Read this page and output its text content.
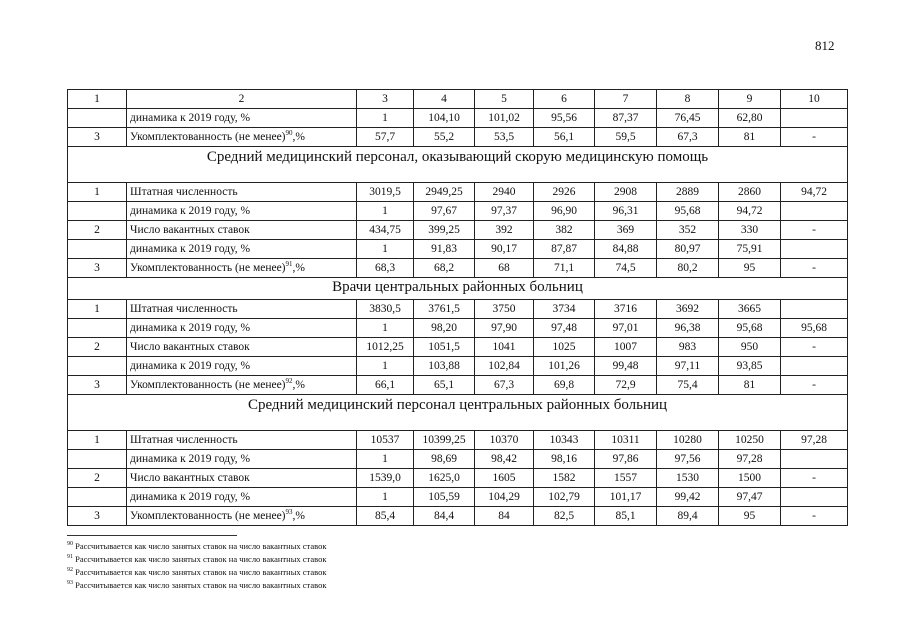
812
1	2	3	4	5	6	7	8	9	10
	динамика к 2019 году, %	1	104,10	101,02	95,56	87,37	76,45	62,80	
3	Укомплектованность (не менее)$^{90}$,%	57,7	55,2	53,5	56,1	59,5	67,3	81	-
Средний медицинский персонал, оказывающий скорую медицинскую помощь									
1	Штатная численность	3019,5	2949,25	2940	2926	2908	2889	2860	94,72
	динамика к 2019 году, %	1	97,67	97,37	96,90	96,31	95,68	94,72	
2	Число вакантных ставок	434,75	399,25	392	382	369	352	330	-
	динамика к 2019 году, %	1	91,83	90,17	87,87	84,88	80,97	75,91	
3	Укомплектованность (не менее)$^{91}$,%	68,3	68,2	68	71,1	74,5	80,2	95	-
Врачи центральных районных больниц									
1	Штатная численность	3830,5	3761,5	3750	3734	3716	3692	3665	
	динамика к 2019 году, %	1	98,20	97,90	97,48	97,01	96,38	95,68	95,68
2	Число вакантных ставок	1012,25	1051,5	1041	1025	1007	983	950	-
	динамика к 2019 году, %	1	103,88	102,84	101,26	99,48	97,11	93,85	
3	Укомплектованность (не менее)$^{92}$,%	66,1	65,1	67,3	69,8	72,9	75,4	81	-
Средний медицинский персонал центральных районных больниц									
1	Штатная численность	10537	10399,25	10370	10343	10311	10280	10250	97,28
	динамика к 2019 году, %	1	98,69	98,42	98,16	97,86	97,56	97,28	
2	Число вакантных ставок	1539,0	1625,0	1605	1582	1557	1530	1500	-
	динамика к 2019 году, %	1	105,59	104,29	102,79	101,17	99,42	97,47	
3	Укомплектованность (не менее)$^{93}$,%	85,4	84,4	84	82,5	85,1	89,4	95	-
$^{90}$ Рассчитывается как число занятых ставок на число вакантных ставок
$^{91}$ Рассчитывается как число занятых ставок на число вакантных ставок
$^{92}$ Рассчитывается как число занятых ставок на число вакантных ставок
$^{93}$ Рассчитывается как число занятых ставок на число вакантных ставок
